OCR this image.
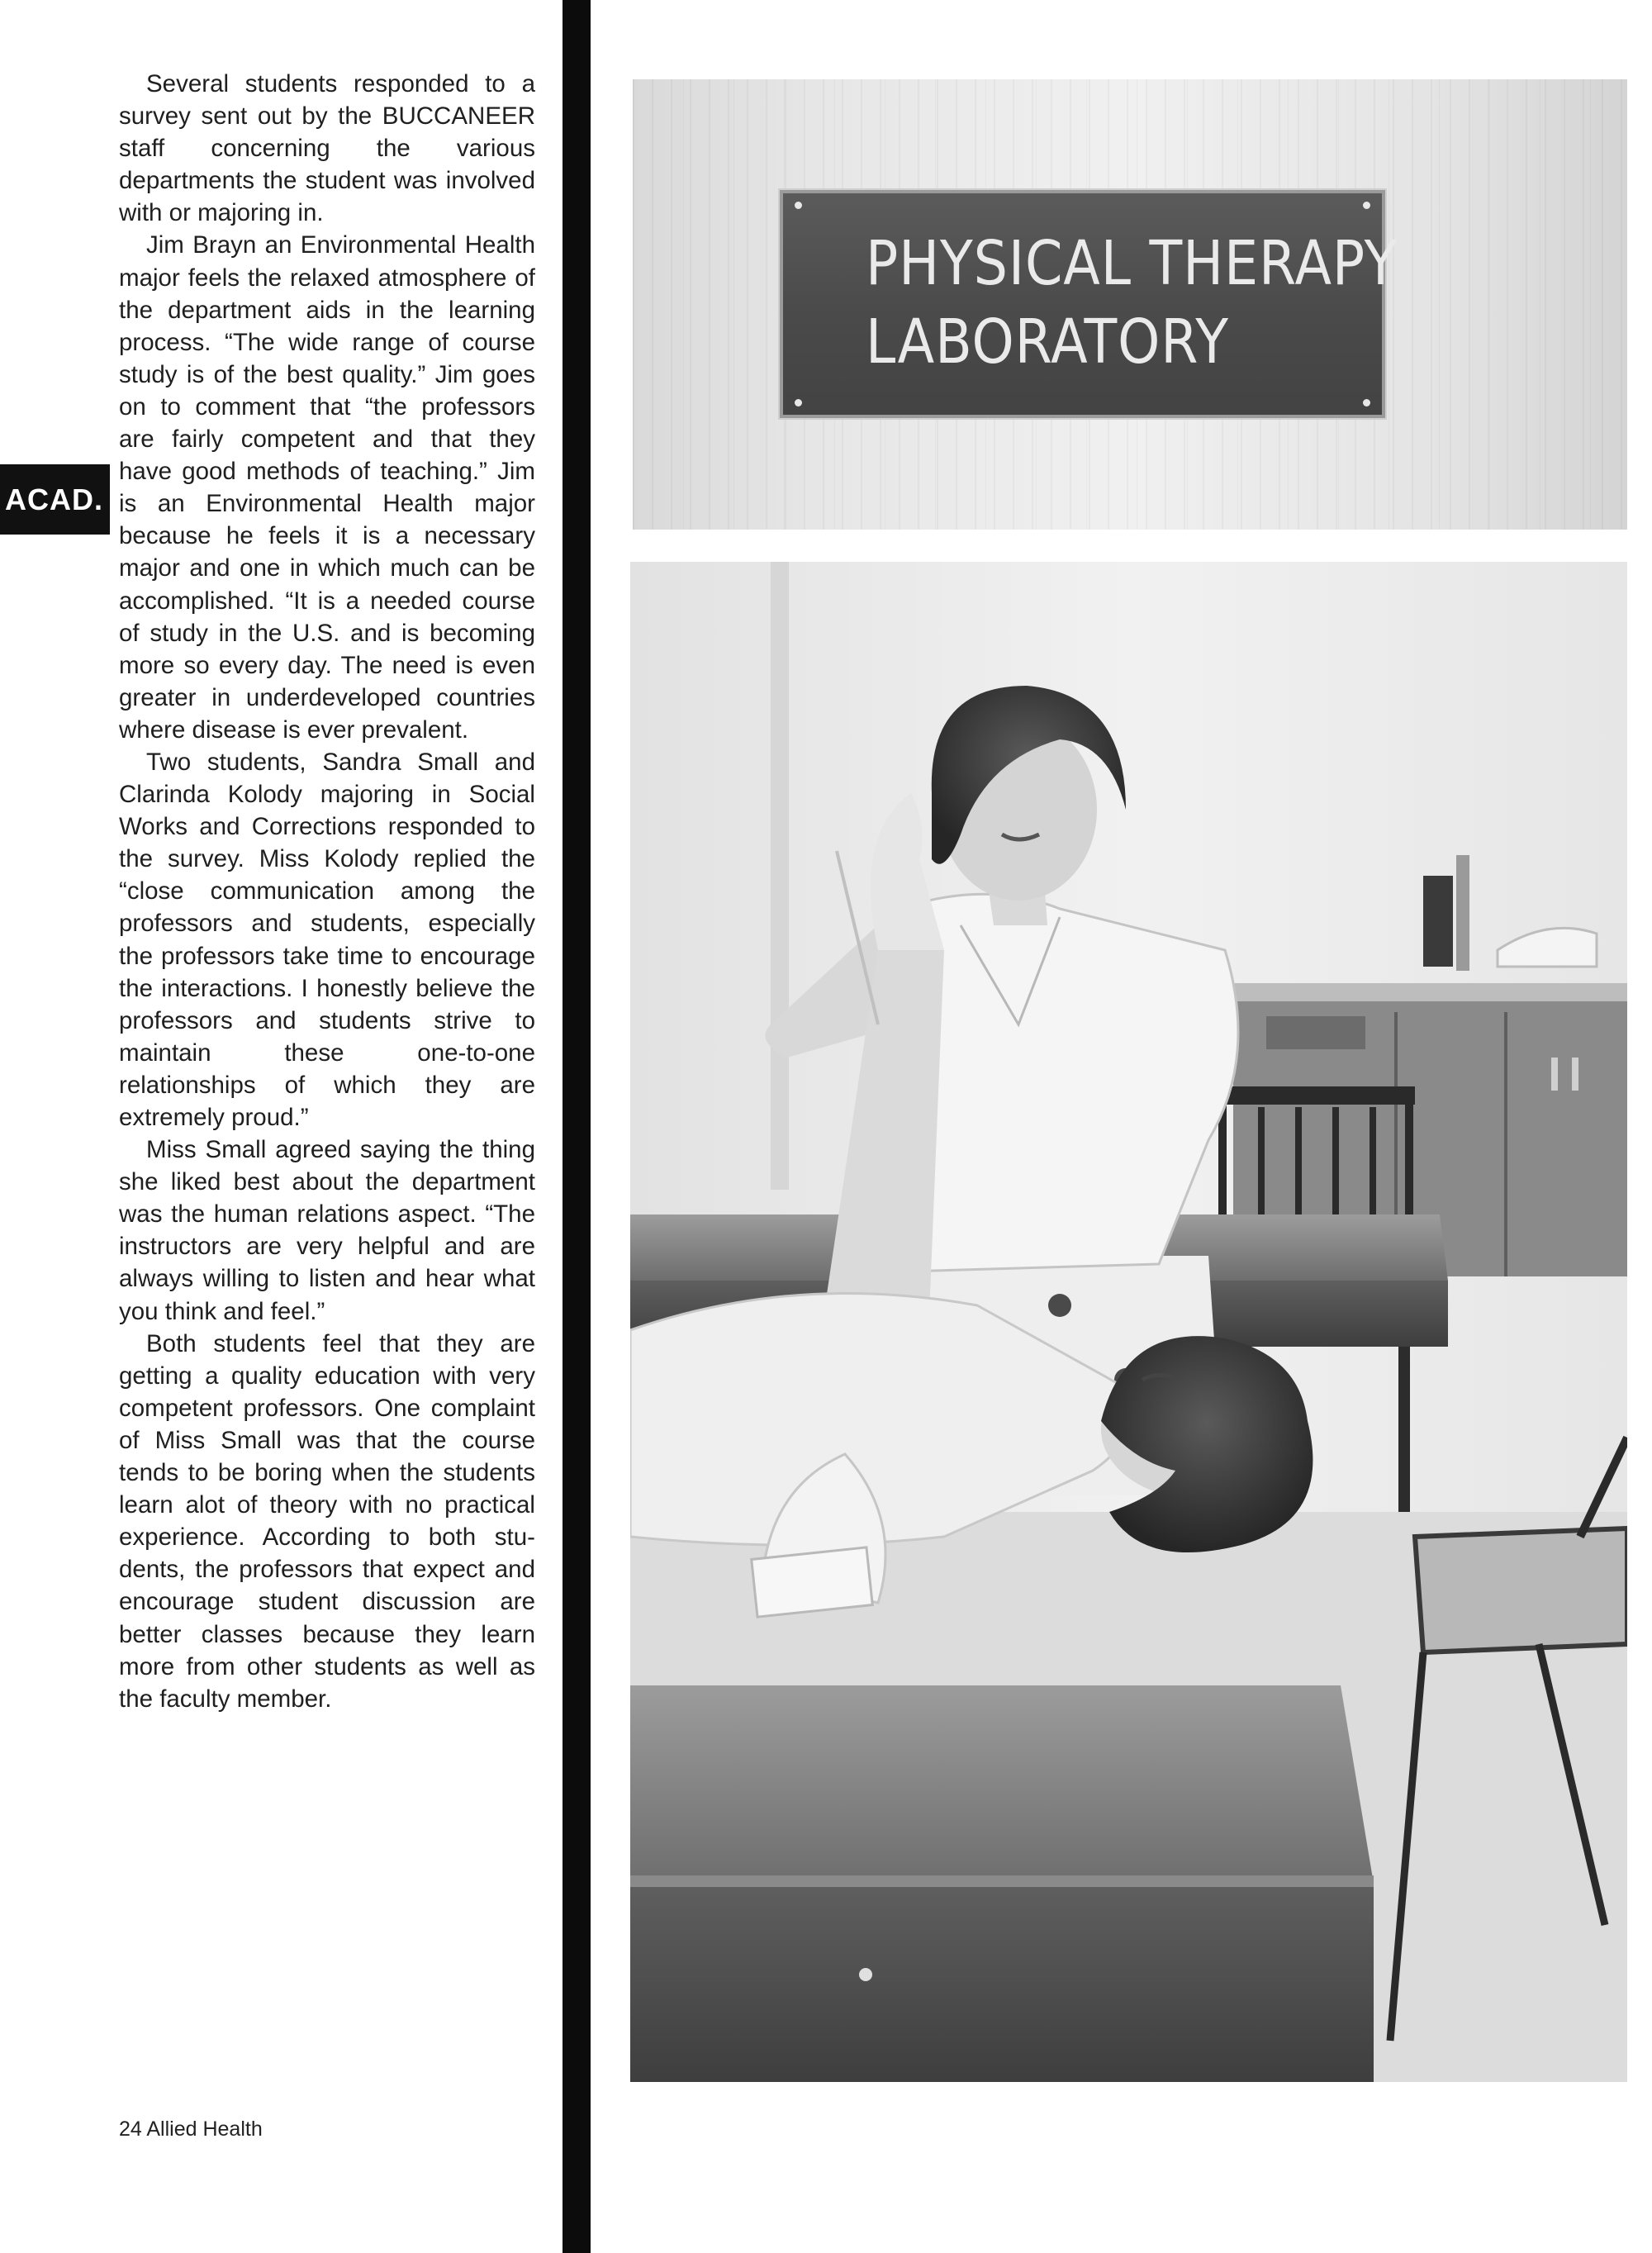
ACAD.

Several students responded to a survey sent out by the BUCCANEER staff concerning the various departments the student was involved with or majoring in.

Jim Brayn an Environmental Health major feels the relaxed atmosphere of the department aids in the learning process. “The wide range of course study is of the best quality.” Jim goes on to comment that “the professors are fairly competent and that they have good methods of teaching.” Jim is an Environmental Health major because he feels it is a necessary major and one in which much can be accomplished. “It is a needed course of study in the U.S. and is becoming more so every day. The need is even greater in underdeveloped countries where disease is ever prevalent.

Two students, Sandra Small and Clarinda Kolody majoring in Social Works and Corrections responded to the survey. Miss Kolody replied the “close communication among the professors and students, especially the professors take time to encourage the interactions. I honestly believe the professors and students strive to maintain these one-to-one relationships of which they are extremely proud.”

Miss Small agreed saying the thing she liked best about the department was the human relations aspect. “The instructors are very helpful and are always willing to listen and hear what you think and feel.”

Both students feel that they are getting a quality education with very competent professors. One complaint of Miss Small was that the course tends to be boring when the students learn alot of theory with no practical experience. According to both students, the professors that expect and encourage student discussion are better classes because they learn more from other students as well as the faculty member.

24 Allied Health
PHYSICAL THERAPY
LABORATORY
